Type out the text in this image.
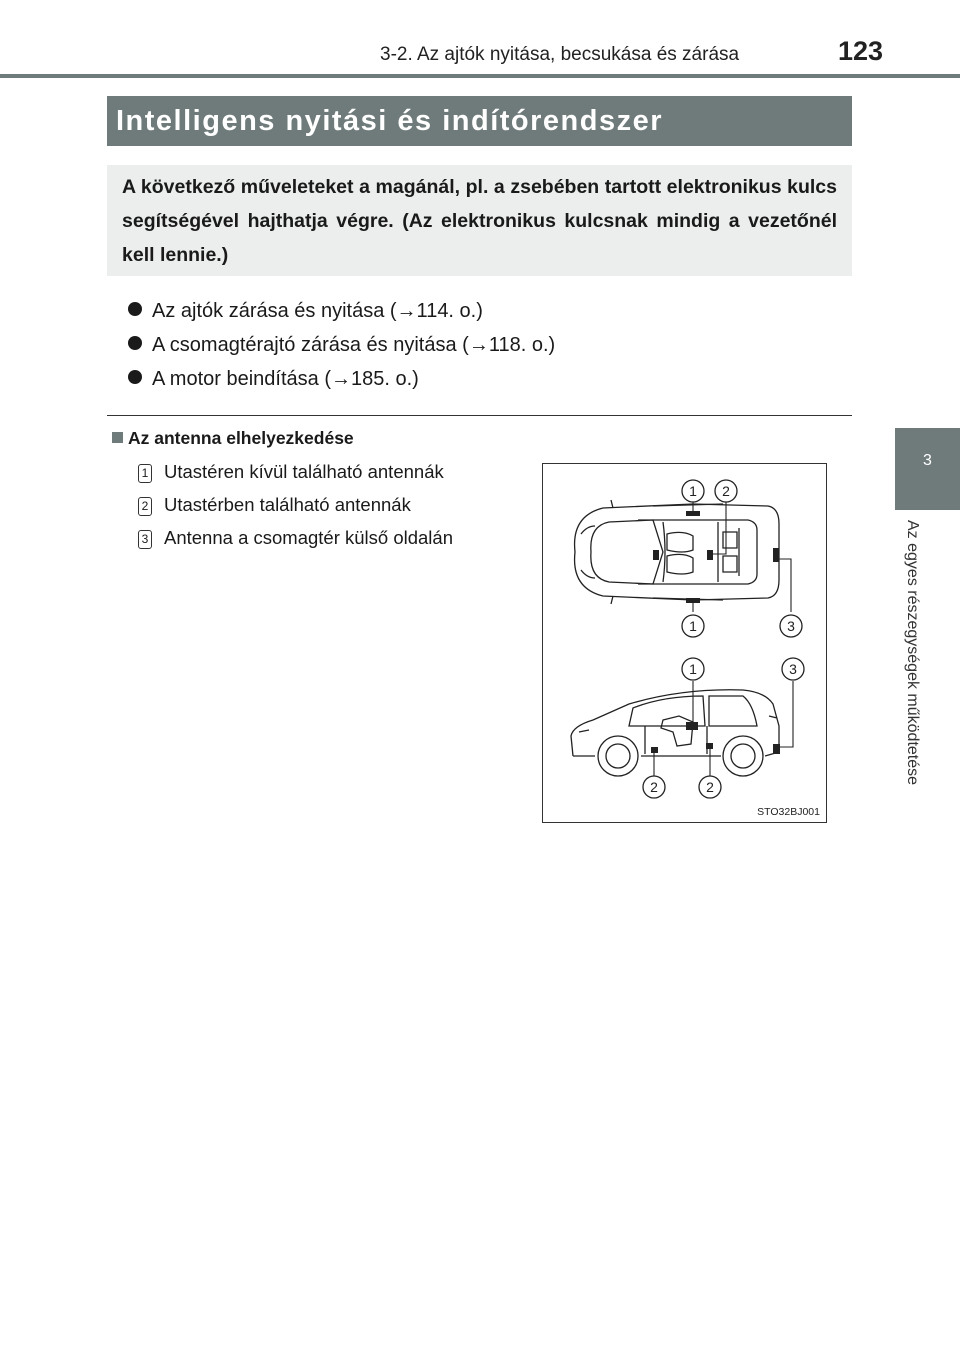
3-2. Az ajtók nyitása, becsukása és zárása	123
3
Az egyes részegységek működtetése
Intelligens nyitási és indítórendszer
A következő műveleteket a magánál, pl. a zsebében tartott elektronikus kulcs segítségével hajthatja végre. (Az elektronikus kulcsnak mindig a vezetőnél kell lennie.)
Az ajtók zárása és nyitása (→114. o.)
A csomagtérajtó zárása és nyitása (→118. o.)
A motor beindítása (→185. o.)
Az antenna elhelyezkedése
1 Utastéren kívül található antennák
2 Utastérben található antennák
3 Antenna a csomagtér külső oldalán
1 2
1	3
1	3
2	2
STO32BJ001
